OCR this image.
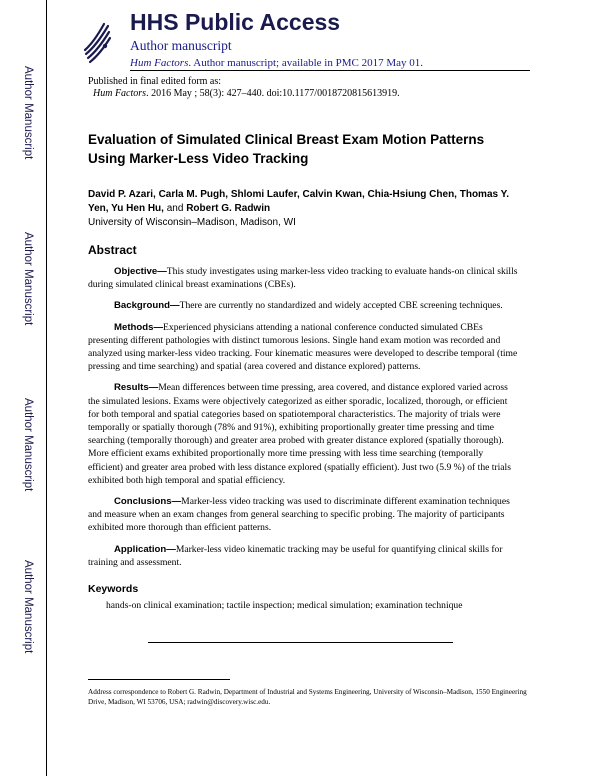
Author Manuscript
Author Manuscript
Author Manuscript
Author Manuscript
HHS Public Access
Author manuscript
Hum Factors. Author manuscript; available in PMC 2017 May 01.
Published in final edited form as:
Hum Factors. 2016 May ; 58(3): 427–440. doi:10.1177/0018720815613919.
Evaluation of Simulated Clinical Breast Exam Motion Patterns
Using Marker-Less Video Tracking
David P. Azari, Carla M. Pugh, Shlomi Laufer, Calvin Kwan, Chia-Hsiung Chen, Thomas Y. Yen, Yu Hen Hu, and Robert G. Radwin
University of Wisconsin–Madison, Madison, WI
Abstract
Objective—This study investigates using marker-less video tracking to evaluate hands-on clinical skills during simulated clinical breast examinations (CBEs).
Background—There are currently no standardized and widely accepted CBE screening techniques.
Methods—Experienced physicians attending a national conference conducted simulated CBEs presenting different pathologies with distinct tumorous lesions. Single hand exam motion was recorded and analyzed using marker-less video tracking. Four kinematic measures were developed to describe temporal (time pressing and time searching) and spatial (area covered and distance explored) patterns.
Results—Mean differences between time pressing, area covered, and distance explored varied across the simulated lesions. Exams were objectively categorized as either sporadic, localized, thorough, or efficient for both temporal and spatial categories based on spatiotemporal characteristics. The majority of trials were temporally or spatially thorough (78% and 91%), exhibiting proportionally greater time pressing and time searching (temporally thorough) and greater area probed with greater distance explored (spatially thorough). More efficient exams exhibited proportionally more time pressing with less time searching (temporally efficient) and greater area probed with less distance explored (spatially efficient). Just two (5.9 %) of the trials exhibited both high temporal and spatial efficiency.
Conclusions—Marker-less video tracking was used to discriminate different examination techniques and measure when an exam changes from general searching to specific probing. The majority of participants exhibited more thorough than efficient patterns.
Application—Marker-less video kinematic tracking may be useful for quantifying clinical skills for training and assessment.
Keywords
hands-on clinical examination; tactile inspection; medical simulation; examination technique
Address correspondence to Robert G. Radwin, Department of Industrial and Systems Engineering, University of Wisconsin–Madison, 1550 Engineering Drive, Madison, WI 53706, USA; radwin@discovery.wisc.edu.
